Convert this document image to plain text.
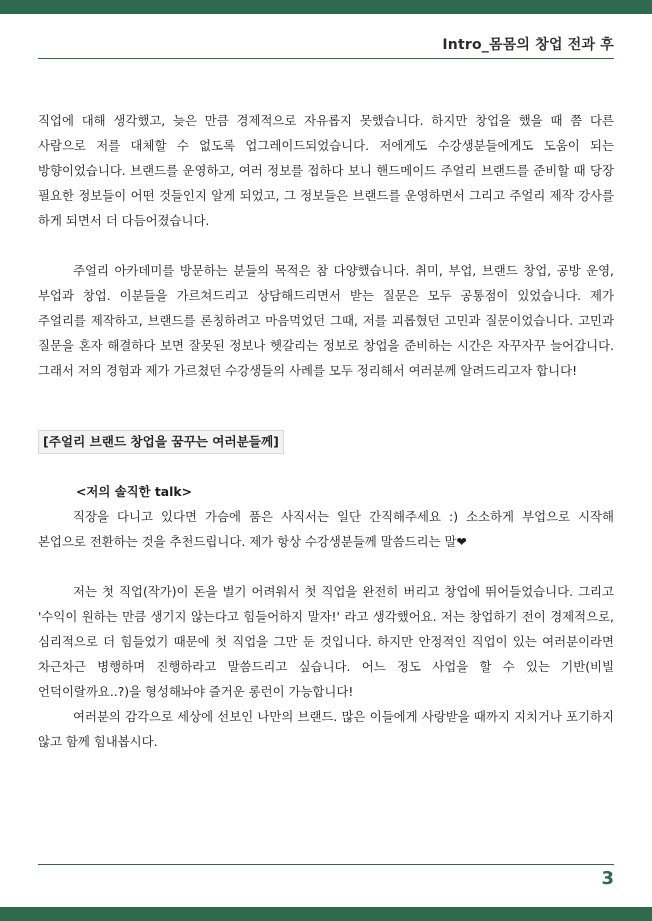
Intro_몸몸의 창업 전과 후

직업에 대해 생각했고, 늦은 만큼 경제적으로 자유롭지 못했습니다. 하지만 창업을 했을 때 쯤 다른 사람으로 저를 대체할 수 없도록 업그레이드되었습니다. 저에게도 수강생분들에게도 도움이 되는 방향이었습니다. 브랜드를 운영하고, 여러 정보를 접하다 보니 핸드메이드 주얼리 브랜드를 준비할 때 당장 필요한 정보들이 어떤 것들인지 알게 되었고, 그 정보들은 브랜드를 운영하면서 그리고 주얼리 제작 강사를 하게 되면서 더 다듬어졌습니다.

주얼리 아카데미를 방문하는 분들의 목적은 참 다양했습니다. 취미, 부업, 브랜드 창업, 공방 운영, 부업과 창업. 이분들을 가르쳐드리고 상담해드리면서 받는 질문은 모두 공통점이 있었습니다. 제가 주얼리를 제작하고, 브랜드를 론칭하려고 마음먹었던 그때, 저를 괴롭혔던 고민과 질문이었습니다. 고민과 질문을 혼자 해결하다 보면 잘못된 정보나 헷갈리는 정보로 창업을 준비하는 시간은 자꾸자꾸 늘어갑니다. 그래서 저의 경험과 제가 가르쳤던 수강생들의 사례를 모두 정리해서 여러분께 알려드리고자 합니다!

[주얼리 브랜드 창업을 꿈꾸는 여러분들께]

<저의 솔직한 talk>

직장을 다니고 있다면 가슴에 품은 사직서는 일단 간직해주세요 :) 소소하게 부업으로 시작해 본업으로 전환하는 것을 추천드립니다. 제가 항상 수강생분들께 말씀드리는 말❤

저는 첫 직업(작가)이 돈을 벌기 어려워서 첫 직업을 완전히 버리고 창업에 뛰어들었습니다. 그리고 '수익이 원하는 만큼 생기지 않는다고 힘들어하지 말자!' 라고 생각했어요. 저는 창업하기 전이 경제적으로, 심리적으로 더 힘들었기 때문에 첫 직업을 그만 둔 것입니다. 하지만 안정적인 직업이 있는 여러분이라면 차근차근 병행하며 진행하라고 말씀드리고 싶습니다. 어느 정도 사업을 할 수 있는 기반(비빌 언덕이랄까요..?)을 형성해놔야 즐거운 롱런이 가능합니다!

여러분의 감각으로 세상에 선보인 나만의 브랜드. 많은 이들에게 사랑받을 때까지 지치거나 포기하지 않고 함께 힘내봅시다.

3
